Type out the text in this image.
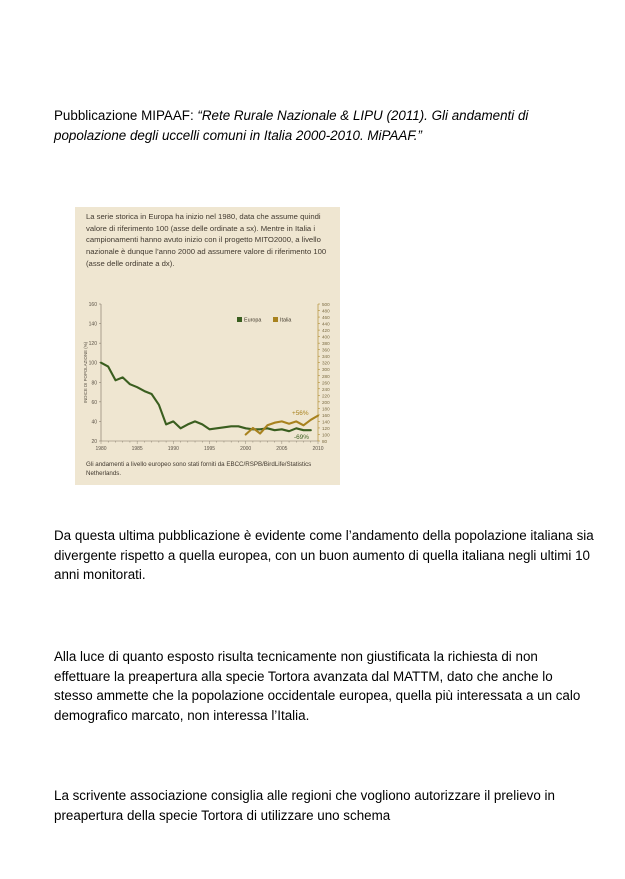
Pubblicazione MIPAAF: “Rete Rurale Nazionale & LIPU (2011). Gli andamenti di popolazione degli uccelli comuni in Italia 2000-2010. MiPAAF.”

La serie storica in Europa ha inizio nel 1980, data che assume quindi valore di riferimento 100 (asse delle ordinate a sx). Mentre in Italia i campionamenti hanno avuto inizio con il progetto MITO2000, a livello nazionale è dunque l’anno 2000 ad assumere valore di riferimento 100 (asse delle ordinate a dx).
20
40
60
80
100
120
140
160
80
100
120
140
160
180
200
220
240
260
280
300
320
340
360
380
400
420
440
460
480
500
1980	1985	1990	1995	2000	2005	2010
INDICE DI POPOLAZIONE (%)
Europa	Italia
+56%
-69%
Gli andamenti a livello europeo sono stati forniti da EBCC/RSPB/BirdLife/Statistics Netherlands.

Da questa ultima pubblicazione è evidente come l’andamento della popolazione italiana sia divergente rispetto a quella europea, con un buon aumento di quella italiana negli ultimi 10 anni monitorati.

Alla luce di quanto esposto risulta tecnicamente non giustificata la richiesta di non effettuare la preapertura alla specie Tortora avanzata dal MATTM, dato che anche lo stesso ammette che la popolazione occidentale europea, quella più interessata a un calo demografico marcato, non interessa l’Italia.

La scrivente associazione consiglia alle regioni che vogliono autorizzare il prelievo in preapertura della specie Tortora di utilizzare uno schema
